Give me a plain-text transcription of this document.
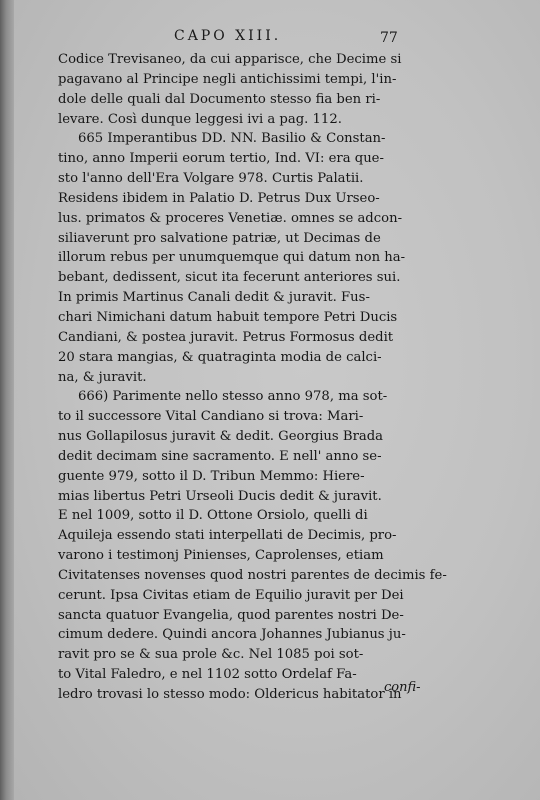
CAPO XIII.	77
Codice Trevisaneo, da cui apparisce, che Decime si
pagavano al Principe negli antichissimi tempi, l'in-
dole delle quali dal Documento stesso fia ben ri-
levare. Così dunque leggesi ivi a pag. 112.
665 Imperantibus DD. NN. Basilio & Constan-
tino, anno Imperii eorum tertio, Ind. VI: era que-
sto l'anno dell'Era Volgare 978. Curtis Palatii.
Residens ibidem in Palatio D. Petrus Dux Urseo-
lus. primatos & proceres Venetiæ. omnes se adcon-
siliaverunt pro salvatione patriæ, ut Decimas de
illorum rebus per unumquemque qui datum non ha-
bebant, dedissent, sicut ita fecerunt anteriores sui.
In primis Martinus Canali dedit & juravit. Fus-
chari Nimichani datum habuit tempore Petri Ducis
Candiani, & postea juravit. Petrus Formosus dedit
20 stara mangias, & quatraginta modia de calci-
na, & juravit.
666) Parimente nello stesso anno 978, ma sot-
to il successore Vital Candiano si trova: Mari-
nus Gollapilosus juravit & dedit. Georgius Brada
dedit decimam sine sacramento. E nell' anno se-
guente 979, sotto il D. Tribun Memmo: Hiere-
mias libertus Petri Urseoli Ducis dedit & juravit.
E nel 1009, sotto il D. Ottone Orsiolo, quelli di
Aquileja essendo stati interpellati de Decimis, pro-
varono i testimonj Pinienses, Caprolenses, etiam
Civitatenses novenses quod nostri parentes de decimis fe-
cerunt. Ipsa Civitas etiam de Equilio juravit per Dei
sancta quatuor Evangelia, quod parentes nostri De-
cimum dedere. Quindi ancora Johannes Jubianus ju-
ravit pro se & sua prole &c. Nel 1085 poi sot-
to Vital Faledro, e nel 1102 sotto Ordelaf Fa-
ledro trovasi lo stesso modo: Oldericus habitator in
confi-
